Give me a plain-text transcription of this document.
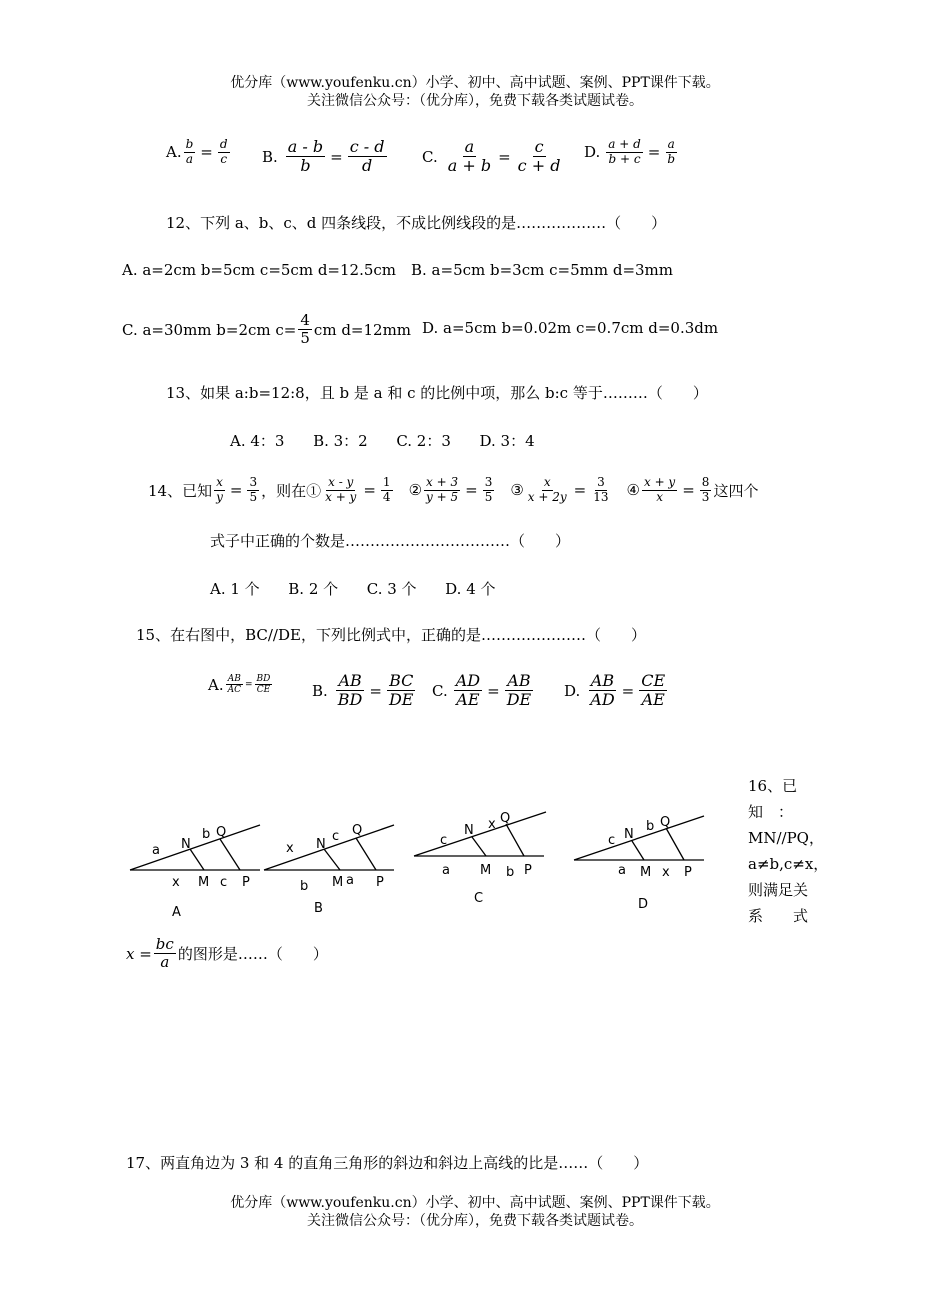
优分库（www.youfenku.cn）小学、初中、高中试题、案例、PPT课件下载。
关注微信公众号：（优分库），免费下载各类试题试卷。
A. $\frac{b}{a} = \frac{d}{c} B$. $\frac{a - b}{b} = \frac{c - d}{d} C$. $\frac{a}{a + b} = \frac{c}{c + d} D$. $\frac{a + d}{b + c} = \frac{a}{b}$
12、下列 a、b、c、d 四条线段，不成比例线段的是………………（　　）
A. a=2cm b=5cm c=5cm d=12.5cm B. a=5cm b=3cm c=5mm d=3mm
C. a=30mm b=2cm $c= \frac{4}{5}$ cm d=12mm D. a=5cm b=0.02m c=0.7cm d=0.3dm
13、如果 a:b=12:8，且 b 是 a 和 c 的比例中项，那么 b:c 等于………（　　）
A. 4：3      B. 3：2      C. 2：3      D. 3：4
14、已知 $\frac{x}{y} = \frac{3}{5}$ ，则在① $\frac{x - y}{x + y} = \frac{1}{4}$ ② $\frac{x + 3}{y + 5} = \frac{3}{5}$ ③ $\frac{x}{x + 2y} = \frac{3}{13}$ ④ $\frac{x + y}{x} = \frac{8}{3}$ 这四个
式子中正确的个数是……………………………（　　）
A. 1 个      B. 2 个      C. 3 个      D. 4 个
15、在右图中，BC//DE，下列比例式中，正确的是…………………（　　）
A. $\frac{AB}{AC} = \frac{BD}{CE}$	B. $\frac{AB}{BD} = \frac{BC}{DE} C$. $\frac{AD}{AE} = \frac{AB}{DE} D$. $\frac{AB}{AD} = \frac{CE}{AE}$
16、已
知　：
MN//PQ，
a≠b,c≠x，
则满足关
系　　式
a N
b Q
x M c P
A
x N
c Q
b M a P
B
c
N x Q
a M b P
C
c N
b Q
a M x P
D
$x = \frac{bc}{a}$ 的图形是……（　　）
17、两直角边为 3 和 4 的直角三角形的斜边和斜边上高线的比是……（　　）
优分库（www.youfenku.cn）小学、初中、高中试题、案例、PPT课件下载。
关注微信公众号：（优分库），免费下载各类试题试卷。
